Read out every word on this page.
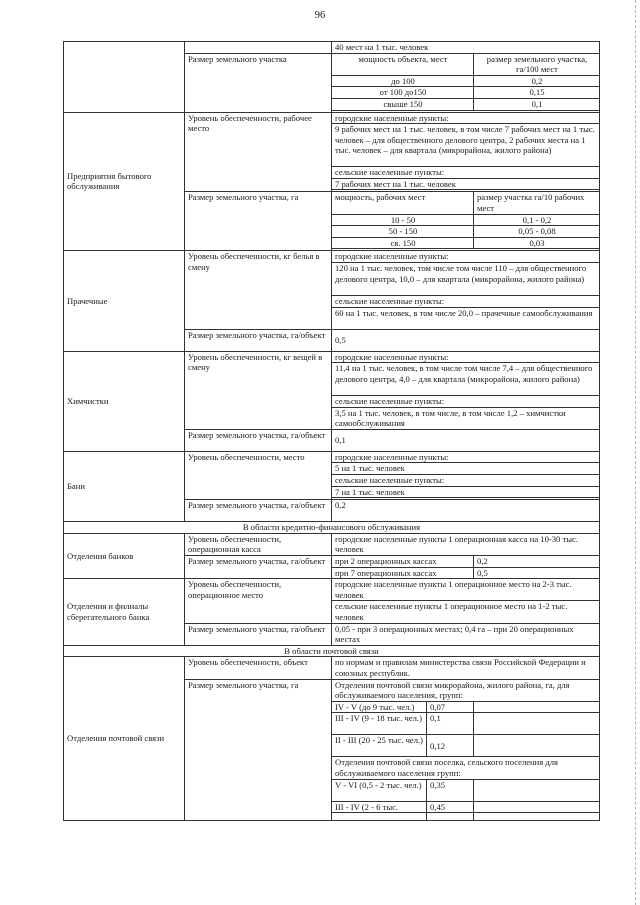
96
		40 мест на 1 тыс. человек		
	Размер земельного участка	мощность объекта, мест		размер земельного участка, га/100 мест
		до 100		0,2
		от 100 до150		0,15
		свыше 150		0,1

Предприятия бытового обслуживания	Уровень обеспеченности, рабочее место	городские населенные пункты:		
		9 рабочих мест на 1 тыс. человек, в том числе 7 рабочих мест на 1 тыс. человек – для общественного делового центра, 2 рабочих места на 1 тыс. человек – для квартала (микрорайона, жилого района)		
		сельские населенные пункты:		
		7 рабочих мест на 1 тыс. человек		

	Размер земельного участка, га	мощность, рабочих мест		размер участка га/10 рабочих мест
		10 - 50		0,1 - 0,2
		50 - 150		0,05 - 0,08
		св. 150		0,03

Прачечные	Уровень обеспеченности, кг белья в смену	городские населенные пункты:		
		120 на 1 тыс. человек, том числе том числе 110 – для общественного делового центра, 10,0 – для квартала (микрорайона, жилого района)		
		сельские населенные пункты:		
		60 на 1 тыс. человек, в том числе 20,0 – прачечные самообслуживания		
	Размер земельного участка, га/объект	0,5		
Химчистки	Уровень обеспеченности, кг вещей в смену	городские населенные пункты:		
		11,4 на 1 тыс. человек, в том числе том числе 7,4 – для общественного делового центра, 4,0 – для квартала (микрорайона, жилого района)		
		сельские населенные пункты:		
		3,5 на 1 тыс. человек, в том числе, в том числе 1,2 – химчистки самообслуживания		
	Размер земельного участка, га/объект	0,1		
Бани	Уровень обеспеченности, место	городские населенные пункты:		
		5 на 1 тыс. человек		
		сельские населенные пункты:		
		7 на 1 тыс. человек		

	Размер земельного участка, га/объект	0,2		
В области кредитно-финансового обслуживания				
Отделения банков	Уровень обеспеченности, операционная касса	городские населенные пункты 1 операционная касса на 10-30 тыс. человек		
	Размер земельного участка, га/объект	при 2 операционных кассах		0,2
		при 7 операционных кассах		0,5
Отделения и филиалы сберегательного банка	Уровень обеспеченности, операционное место	городские населенные пункты 1 операционное место на 2-3 тыс. человек		
		сельские населенные пункты 1 операционное место на 1-2 тыс. человек		
	Размер земельного участка, га/объект	0,05 - при 3 операционных местах; 0,4 га – при 20 операционных местах		
В области почтовой связи				
Отделения почтовой связи	Уровень обеспеченности, объект	по нормам и правилам министерства связи Российской Федерации и союзных республик.		
	Размер земельного участка, га	Отделения почтовой связи микрорайона, жилого района, га, для обслуживаемого населения, групп:		
		IV - V (до 9 тыс. чел.)	0,07	
		III - IV (9 - 18 тыс. чел.)	0,1	
		II - III (20 - 25 тыс. чел.)	0,12	
		Отделения почтовой связи поселка, сельского поселения для обслуживаемого населения групп:		
		V - VI (0,5 - 2 тыс. чел.)	0,35	
		III - IV (2 - 6 тыс.	0,45	
